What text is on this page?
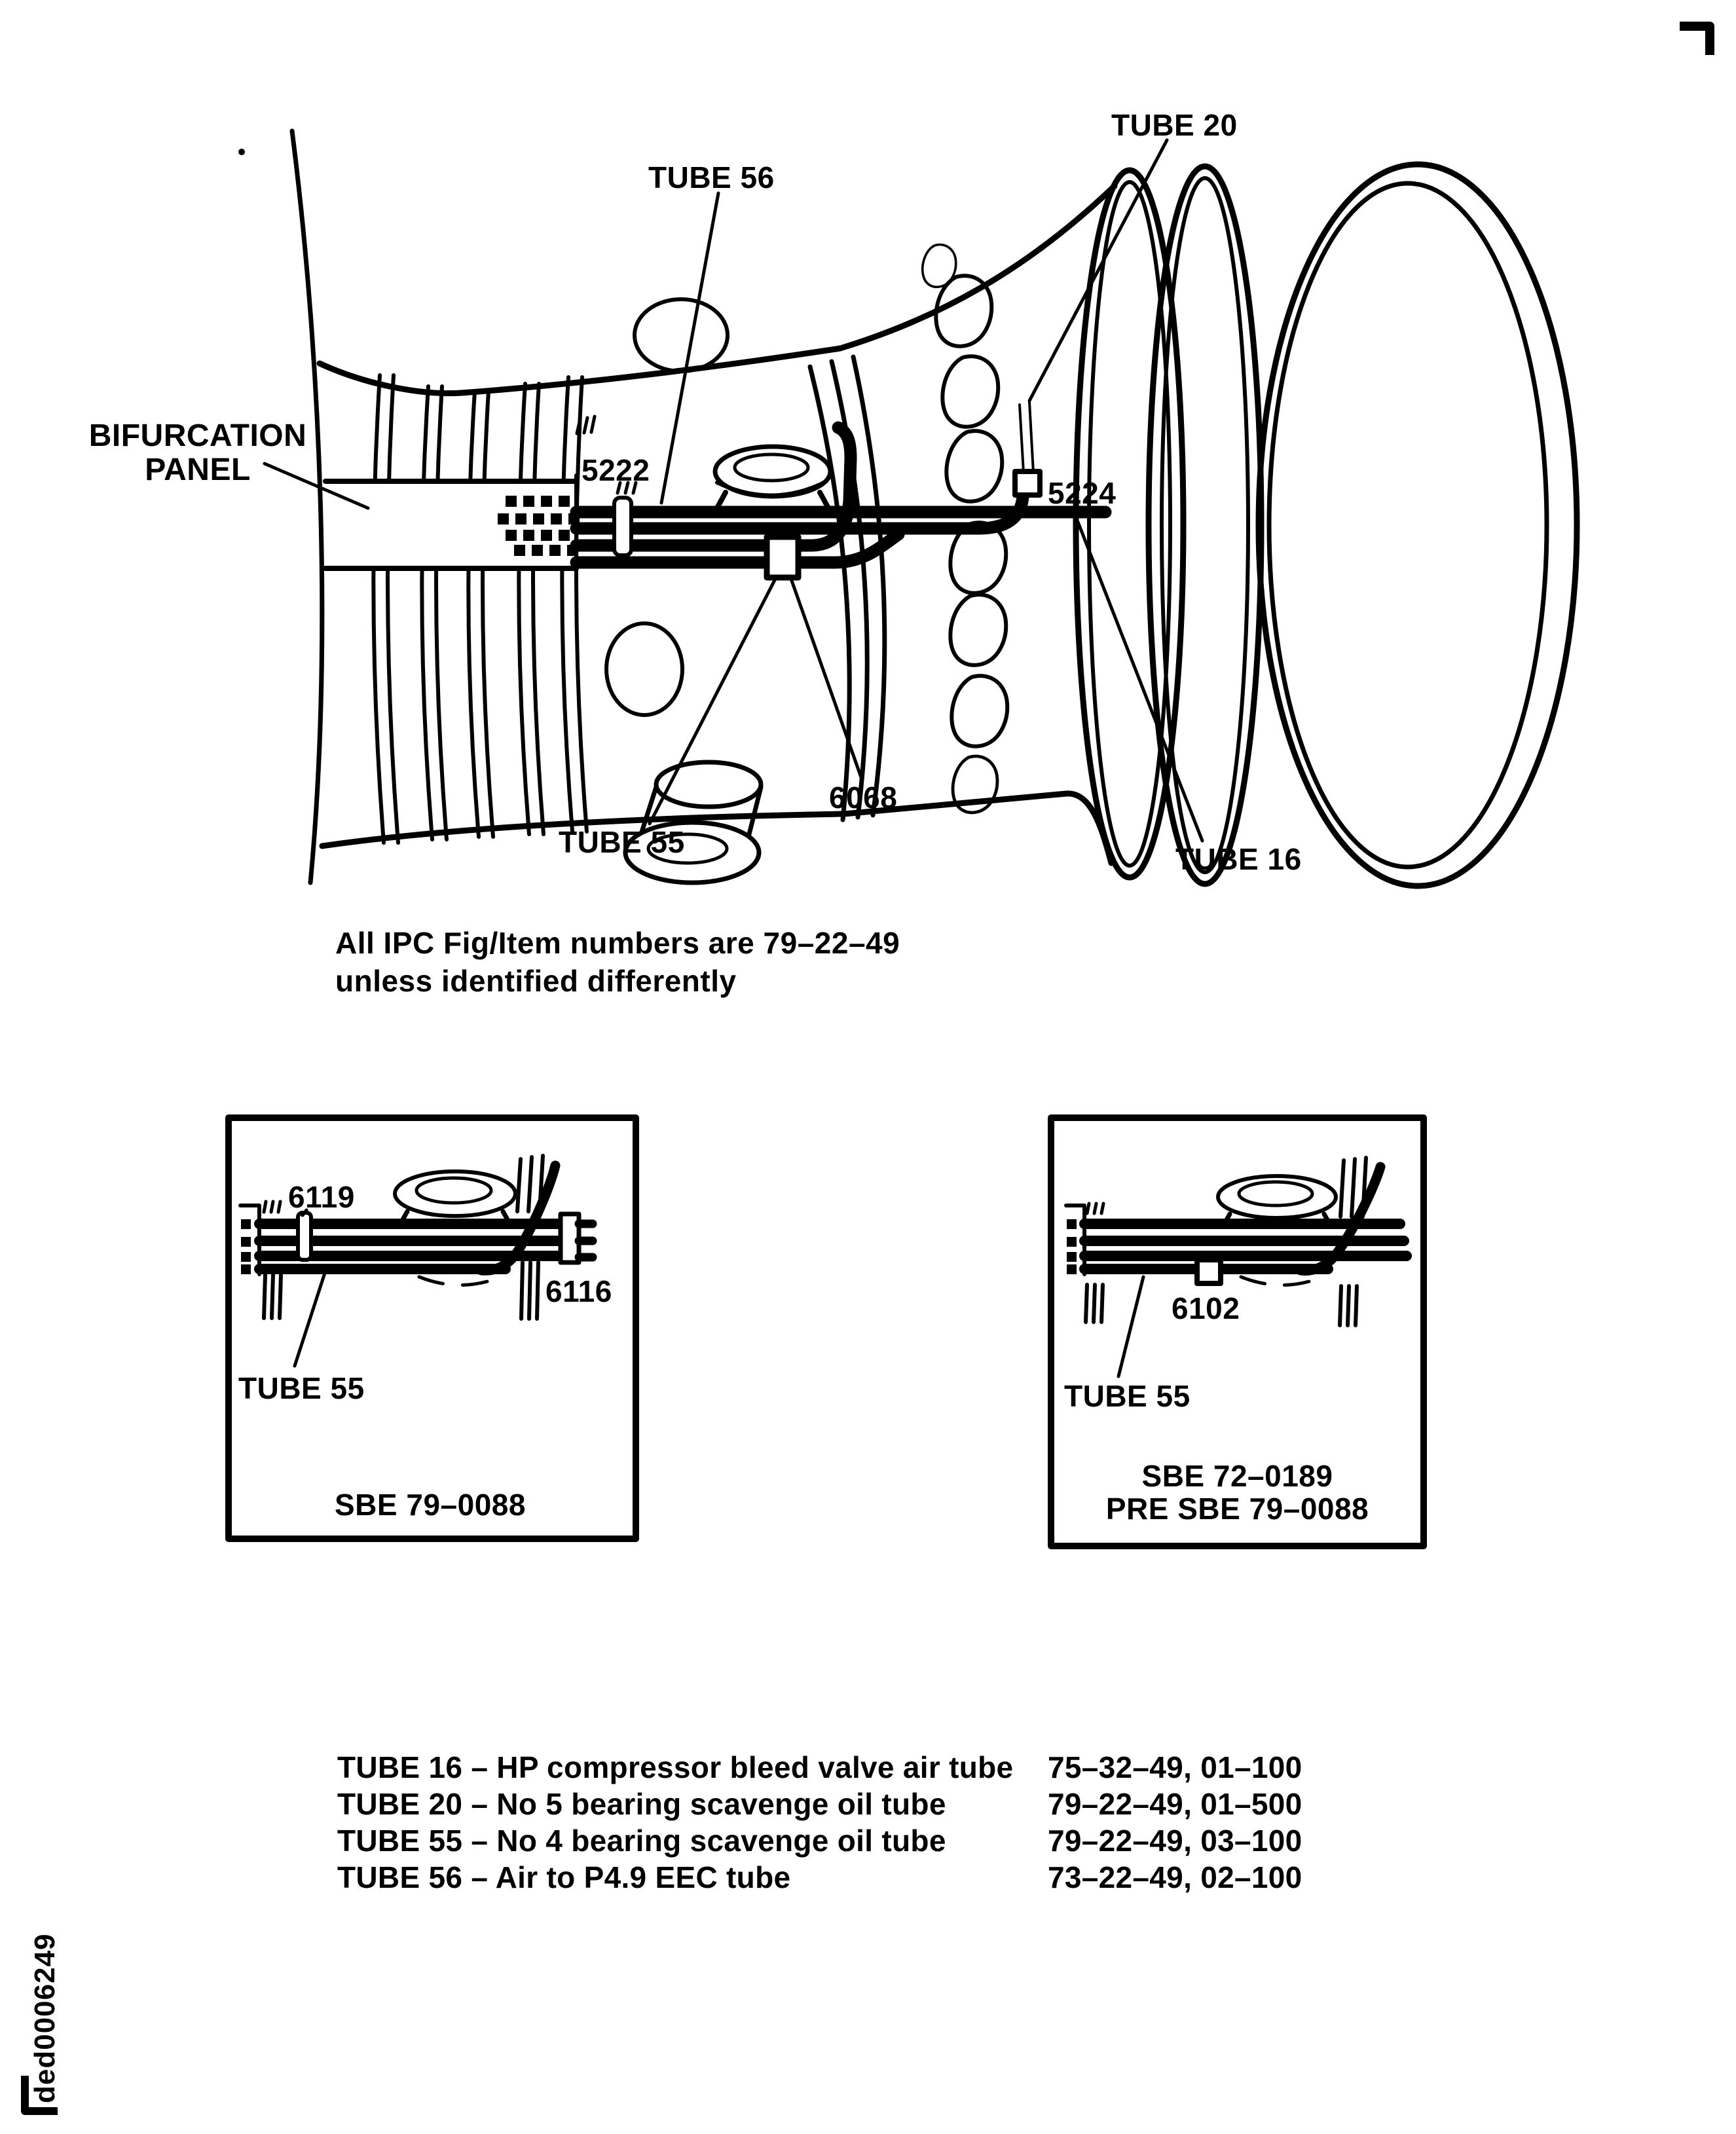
TUBE 56
TUBE 20
BIFURCATION
PANEL	5222
5224
6068
TUBE 55	TUBE 16
All IPC Fig/Item numbers are 79–22–49
unless identified differently
6119
6116
TUBE 55
SBE 79–0088
6102
TUBE 55
SBE 72–0189
PRE SBE 79–0088
TUBE 16 – HP compressor bleed valve air tube 75–32–49, 01–100
TUBE 20 – No 5 bearing scavenge oil tube	79–22–49, 01–500
TUBE 55 – No 4 bearing scavenge oil tube	79–22–49, 03–100
TUBE 56 – Air to P4.9 EEC tube	73–22–49, 02–100
ded0006249
